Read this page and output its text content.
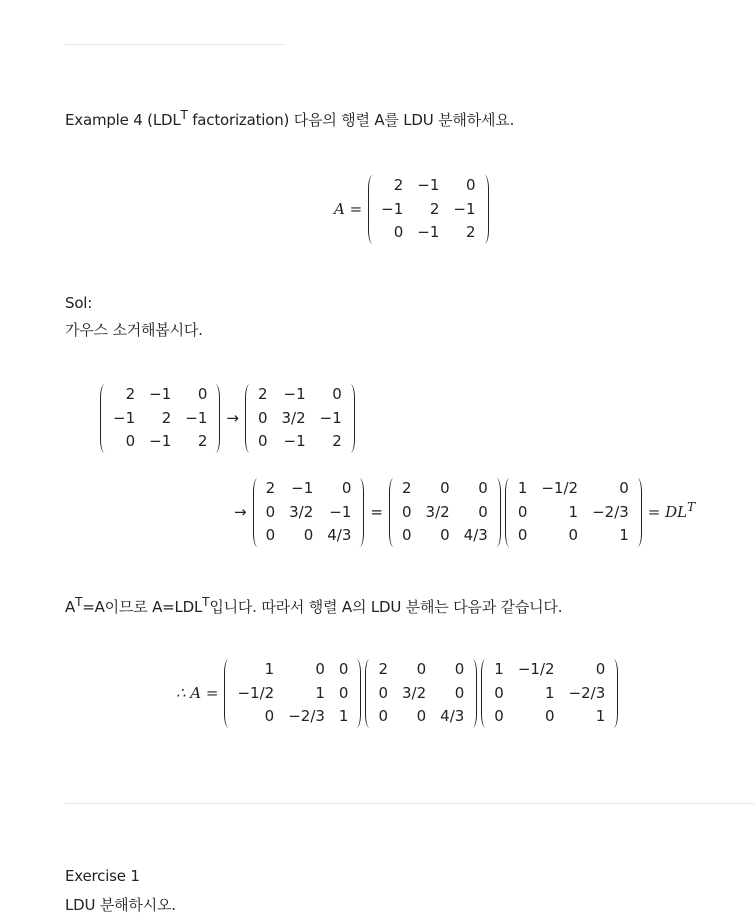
Example 4 ($LDL^T$ factorization) 다음의 행렬 A를 LDU 분해하세요.
A =
2 −1	0
−1	2 −1
0 −1	2
Sol:
가우스 소거해봅시다.
2 −1	0
−1	2 −1
0 −1	2
→
2 −1	0
0 3/2 −1
0 −1	2
→
2 −1	0
0 3/2 −1
0	0 4/3
=
2	0	0
0 3/2	0
0	0 4/3
1 −1/2	0
0	1 −2/3
0	0	1
= $DL^T$
$A^T=A$이므로 $A=LDL^T$입니다. 따라서 행렬 A의 LDU 분해는 다음과 같습니다.
∴ A =
1	0 0
−1/2	1 0
0 −2/3 1
2	0	0
0 3/2	0
0	0 4/3
1 −1/2	0
0	1 −2/3
0	0	1
Exercise 1
LDU 분해하시오.
